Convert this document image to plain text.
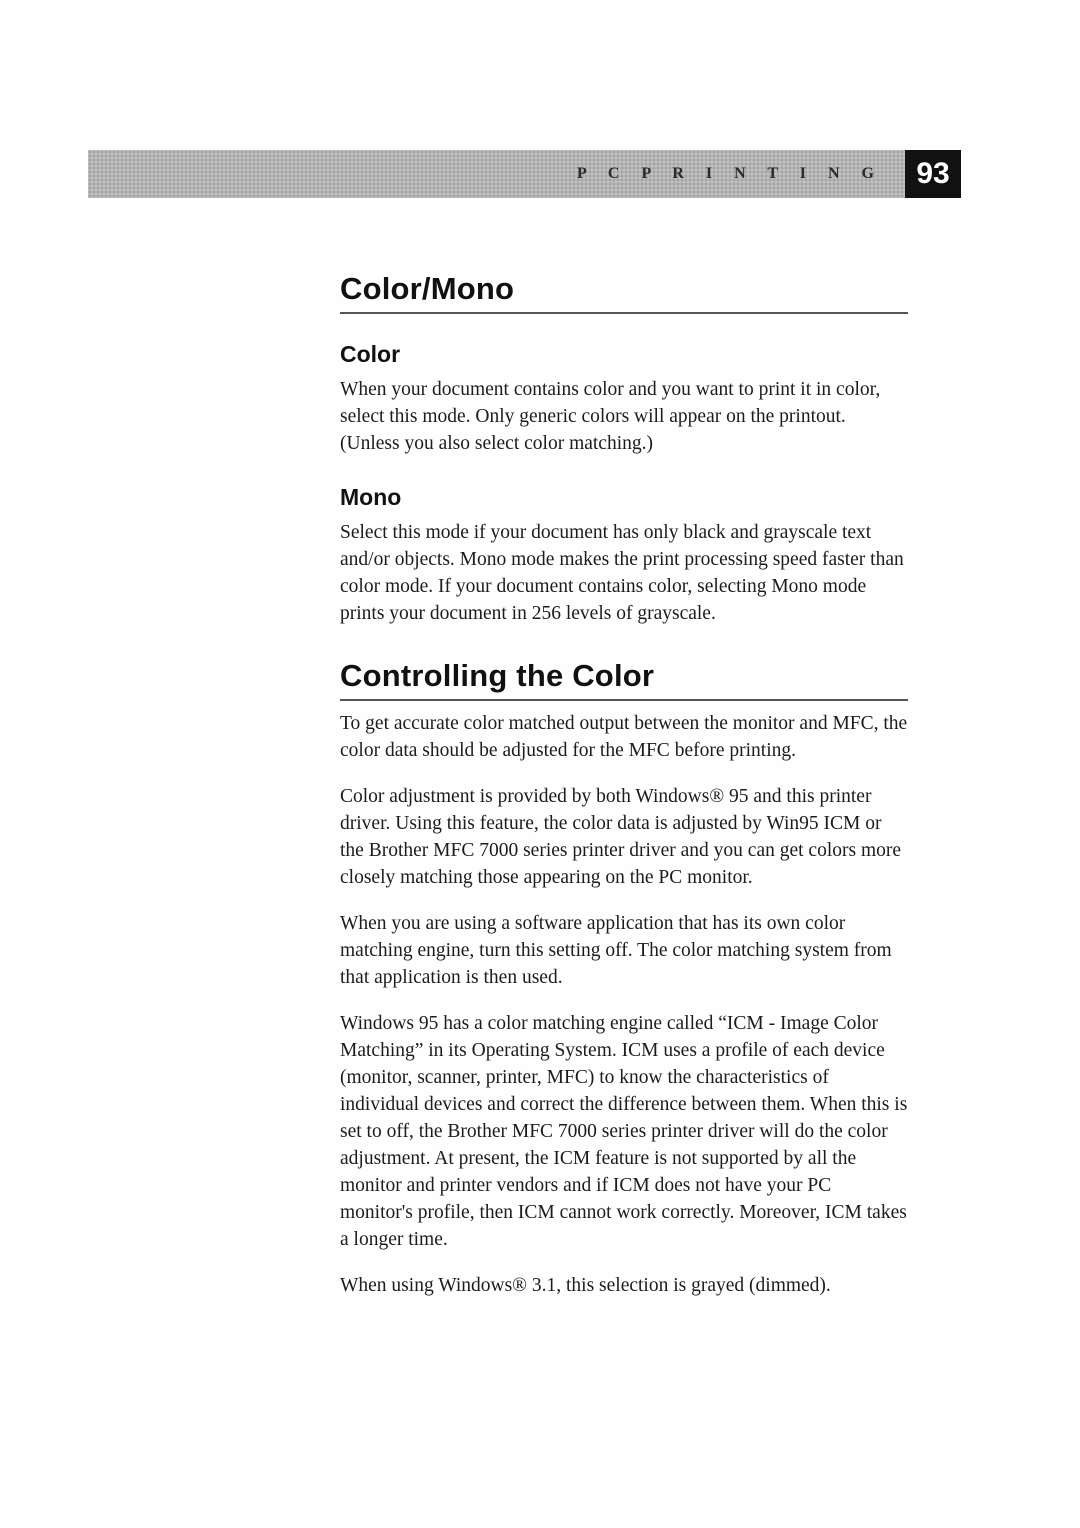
P C P R I N T I N G 93
Color/Mono
Color

When your document contains color and you want to print it in color, select this mode. Only generic colors will appear on the printout. (Unless you also select color matching.)

Mono

Select this mode if your document has only black and grayscale text and/or objects. Mono mode makes the print processing speed faster than color mode. If your document contains color, selecting Mono mode prints your document in 256 levels of grayscale.

Controlling the Color

To get accurate color matched output between the monitor and MFC, the color data should be adjusted for the MFC before printing.

Color adjustment is provided by both Windows® 95 and this printer driver. Using this feature, the color data is adjusted by Win95 ICM or the Brother MFC 7000 series printer driver and you can get colors more closely matching those appearing on the PC monitor.

When you are using a software application that has its own color matching engine, turn this setting off. The color matching system from that application is then used.

Windows 95 has a color matching engine called “ICM - Image Color Matching” in its Operating System. ICM uses a profile of each device (monitor, scanner, printer, MFC) to know the characteristics of individual devices and correct the difference between them. When this is set to off, the Brother MFC 7000 series printer driver will do the color adjustment. At present, the ICM feature is not supported by all the monitor and printer vendors and if ICM does not have your PC monitor's profile, then ICM cannot work correctly. Moreover, ICM takes a longer time.

When using Windows® 3.1, this selection is grayed (dimmed).
